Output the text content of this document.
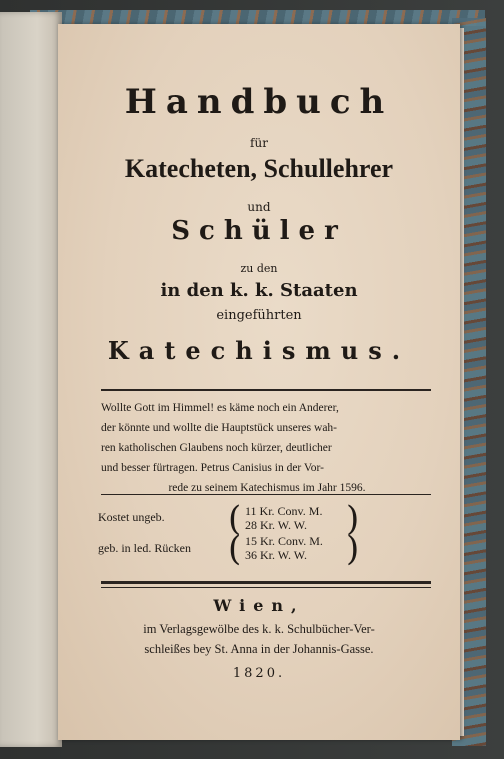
Handbuch
für
Katecheten, Schullehrer
und
Schüler
zu den
in den k. k. Staaten
eingeführten
Katechismus.
Wollte Gott im Himmel! es käme noch ein Anderer,
der könnte und wollte die Hauptstück unseres wah-
ren katholischen Glaubens noch kürzer, deutlicher
und besser fürtragen. Petrus Canisius in der Vor-
rede zu seinem Katechismus im Jahr 1596.
Kostet ungeb.
geb. in led. Rücken
(	)
(	)
11 Kr. Conv. M.
28 Kr. W. W.
15 Kr. Conv. M.
36 Kr. W. W.
Wien,
im Verlagsgewölbe des k. k. Schulbücher-Ver-
schleißes bey St. Anna in der Johannis-Gasse.
1820.
